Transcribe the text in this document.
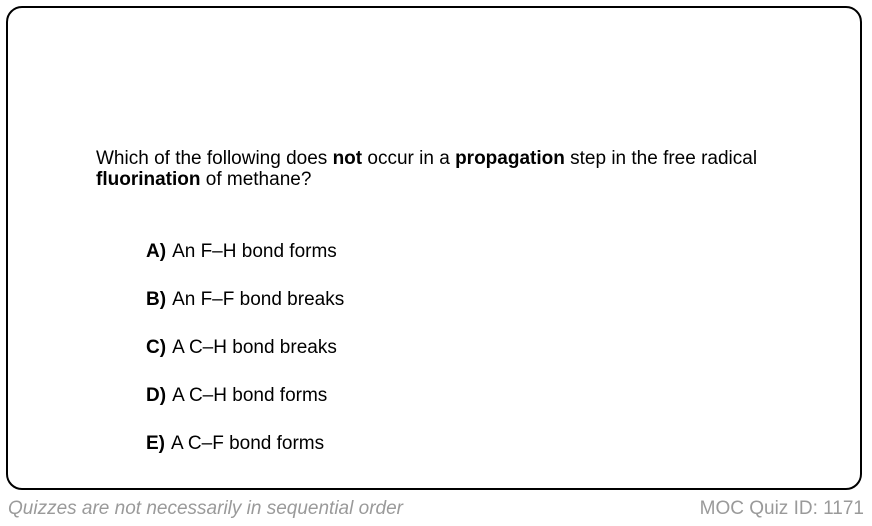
Which of the following does not occur in a propagation step in the free radical fluorination of methane?
A) An F–H bond forms
B) An F–F bond breaks
C) A C–H bond breaks
D) A C–H bond forms
E) A C–F bond forms
Quizzes are not necessarily in sequential order	MOC Quiz ID: 1171
